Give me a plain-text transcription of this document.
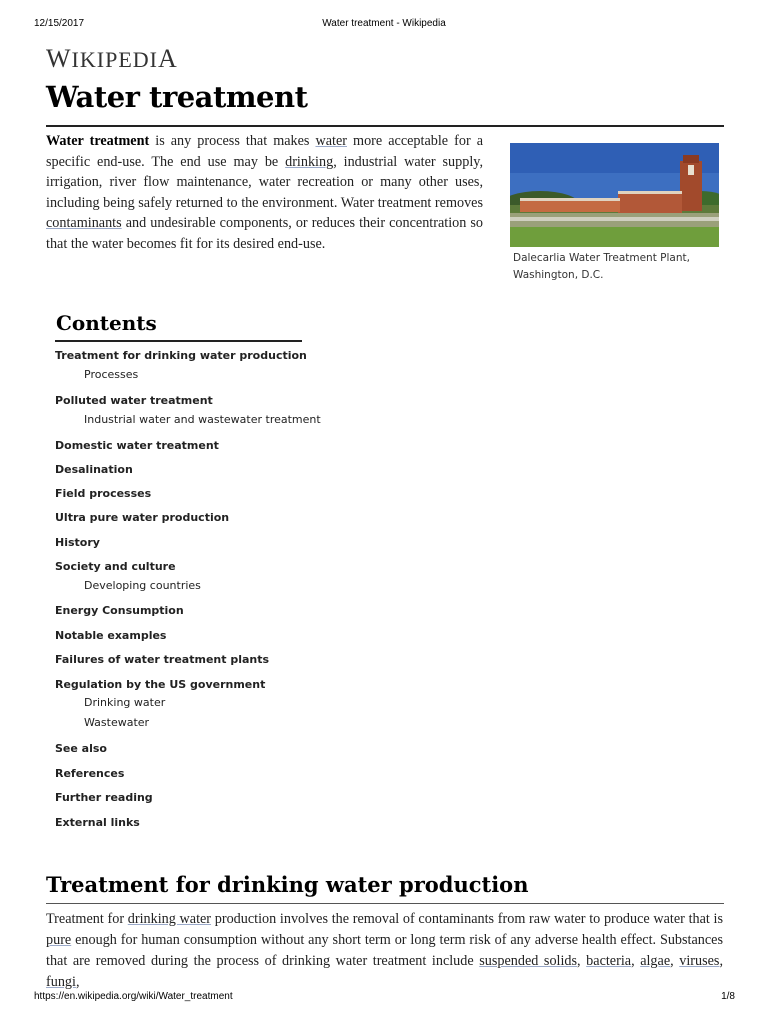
12/15/2017	Water treatment - Wikipedia
WIKIPEDIA
Water treatment
Water treatment is any process that makes water more acceptable for a specific end-use. The end use may be drinking, industrial water supply, irrigation, river flow maintenance, water recreation or many other uses, including being safely returned to the environment. Water treatment removes contaminants and undesirable components, or reduces their concentration so that the water becomes fit for its desired end-use.
Dalecarlia Water Treatment Plant, Washington, D.C.
Contents
Treatment for drinking water production
Processes
Polluted water treatment
Industrial water and wastewater treatment
Domestic water treatment
Desalination
Field processes
Ultra pure water production
History
Society and culture
Developing countries
Energy Consumption
Notable examples
Failures of water treatment plants
Regulation by the US government
Drinking water
Wastewater
See also
References
Further reading
External links
Treatment for drinking water production
Treatment for drinking water production involves the removal of contaminants from raw water to produce water that is pure enough for human consumption without any short term or long term risk of any adverse health effect. Substances that are removed during the process of drinking water treatment include suspended solids, bacteria, algae, viruses, fungi,
https://en.wikipedia.org/wiki/Water_treatment	1/8
